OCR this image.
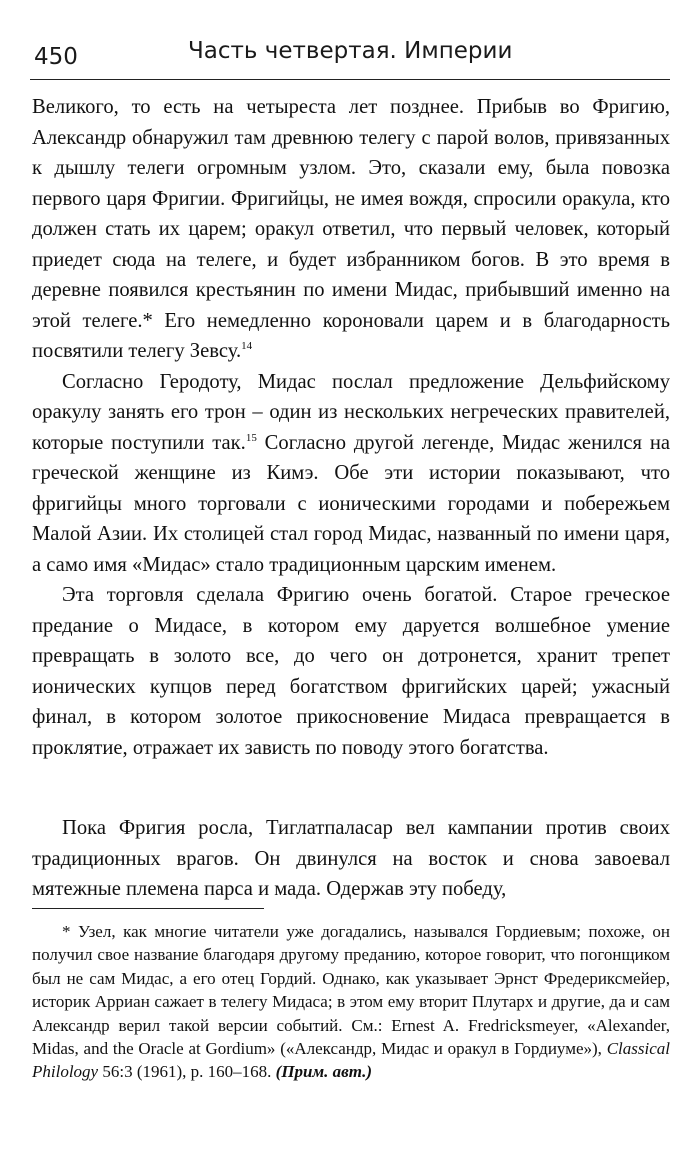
450	Часть четвертая. Империи

Великого, то есть на четыреста лет позднее. Прибыв во Фригию, Александр обнаружил там древнюю телегу с парой волов, привязанных к дышлу телеги огромным узлом. Это, сказали ему, была повозка первого царя Фригии. Фригийцы, не имея вождя, спросили оракула, кто должен стать их царем; оракул ответил, что первый человек, который приедет сюда на телеге, и будет избранником богов. В это время в деревне появился крестьянин по имени Мидас, прибывший именно на этой телеге.* Его немедленно короновали царем и в благодарность посвятили телегу Зевсу.$^{14}$

Согласно Геродоту, Мидас послал предложение Дельфийскому оракулу занять его трон – один из нескольких негреческих правителей, которые поступили так.$^{15}$ Согласно другой легенде, Мидас женился на греческой женщине из Кимэ. Обе эти истории показывают, что фригийцы много торговали с ионическими городами и побережьем Малой Азии. Их столицей стал город Мидас, названный по имени царя, а само имя «Мидас» стало традиционным царским именем.

Эта торговля сделала Фригию очень богатой. Старое греческое предание о Мидасе, в котором ему даруется волшебное умение превращать в золото все, до чего он дотронется, хранит трепет ионических купцов перед богатством фригийских царей; ужасный финал, в котором золотое прикосновение Мидаса превращается в проклятие, отражает их зависть по поводу этого богатства.

Пока Фригия росла, Тиглатпаласар вел кампании против своих традиционных врагов. Он двинулся на восток и снова завоевал мятежные племена парса и мада. Одержав эту победу,

* Узел, как многие читатели уже догадались, назывался Гордиевым; похоже, он получил свое название благодаря другому преданию, которое говорит, что погонщиком был не сам Мидас, а его отец Гордий. Однако, как указывает Эрнст Фредериксмейер, историк Арриан сажает в телегу Мидаса; в этом ему вторит Плутарх и другие, да и сам Александр верил такой версии событий. См.: Ernest A. Fredricksmeyer, «Alexander, Midas, and the Oracle at Gordium» («Александр, Мидас и оракул в Гордиуме»), Classical Philology 56:3 (1961), p. 160–168. (Прим. авт.)
